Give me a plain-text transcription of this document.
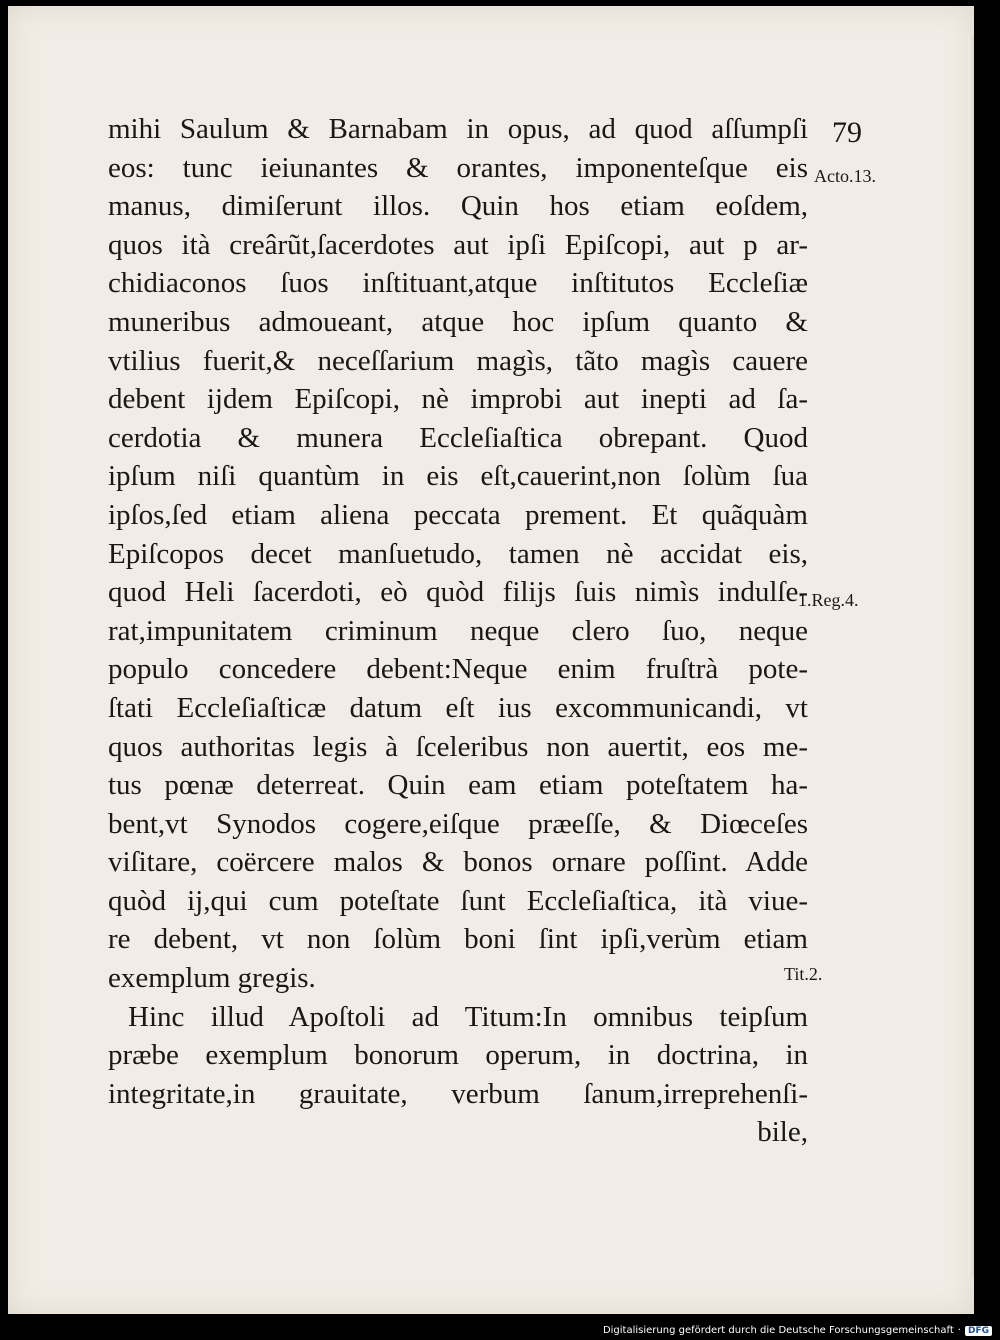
79
mihi Saulum & Barnabam in opus, ad quod aſſumpſi
eos: tunc ieiunantes & orantes, imponenteſque eis
manus, dimiſerunt illos. Quin hos etiam eoſdem,
quos ità creârũt,ſacerdotes aut ipſi Epiſcopi, aut p ar-
chidiaconos ſuos inſtituant,atque inſtitutos Eccleſiæ
muneribus admoueant, atque hoc ipſum quanto &
vtilius fuerit,& neceſſarium magìs, tãto magìs cauere
debent ijdem Epiſcopi, nè improbi aut inepti ad ſa-
cerdotia & munera Eccleſiaſtica obrepant. Quod
ipſum niſi quantùm in eis eſt,cauerint,non ſolùm ſua
ipſos,ſed etiam aliena peccata prement. Et quãquàm
Epiſcopos decet manſuetudo, tamen nè accidat eis,
quod Heli ſacerdoti, eò quòd filijs ſuis nimìs indulſe-
rat,impunitatem criminum neque clero ſuo, neque
populo concedere debent:Neque enim fruſtrà pote-
ſtati Eccleſiaſticæ datum eſt ius excommunicandi, vt
quos authoritas legis à ſceleribus non auertit, eos me-
tus pœnæ deterreat. Quin eam etiam poteſtatem ha-
bent,vt Synodos cogere,eiſque præeſſe, & Diœceſes
viſitare, coërcere malos & bonos ornare poſſint. Adde
quòd ij,qui cum poteſtate ſunt Eccleſiaſtica, ità viue-
re debent, vt non ſolùm boni ſint ipſi,verùm etiam
exemplum gregis.
Hinc illud Apoſtoli ad Titum:In omnibus teipſum
præbe exemplum bonorum operum, in doctrina, in
integritate,in grauitate, verbum ſanum,irreprehenſi-
bile,
Acto.13.
1.Reg.4.
Tit.2.
Digitalisierung gefördert durch die Deutsche Forschungsgemeinschaft · DFG
